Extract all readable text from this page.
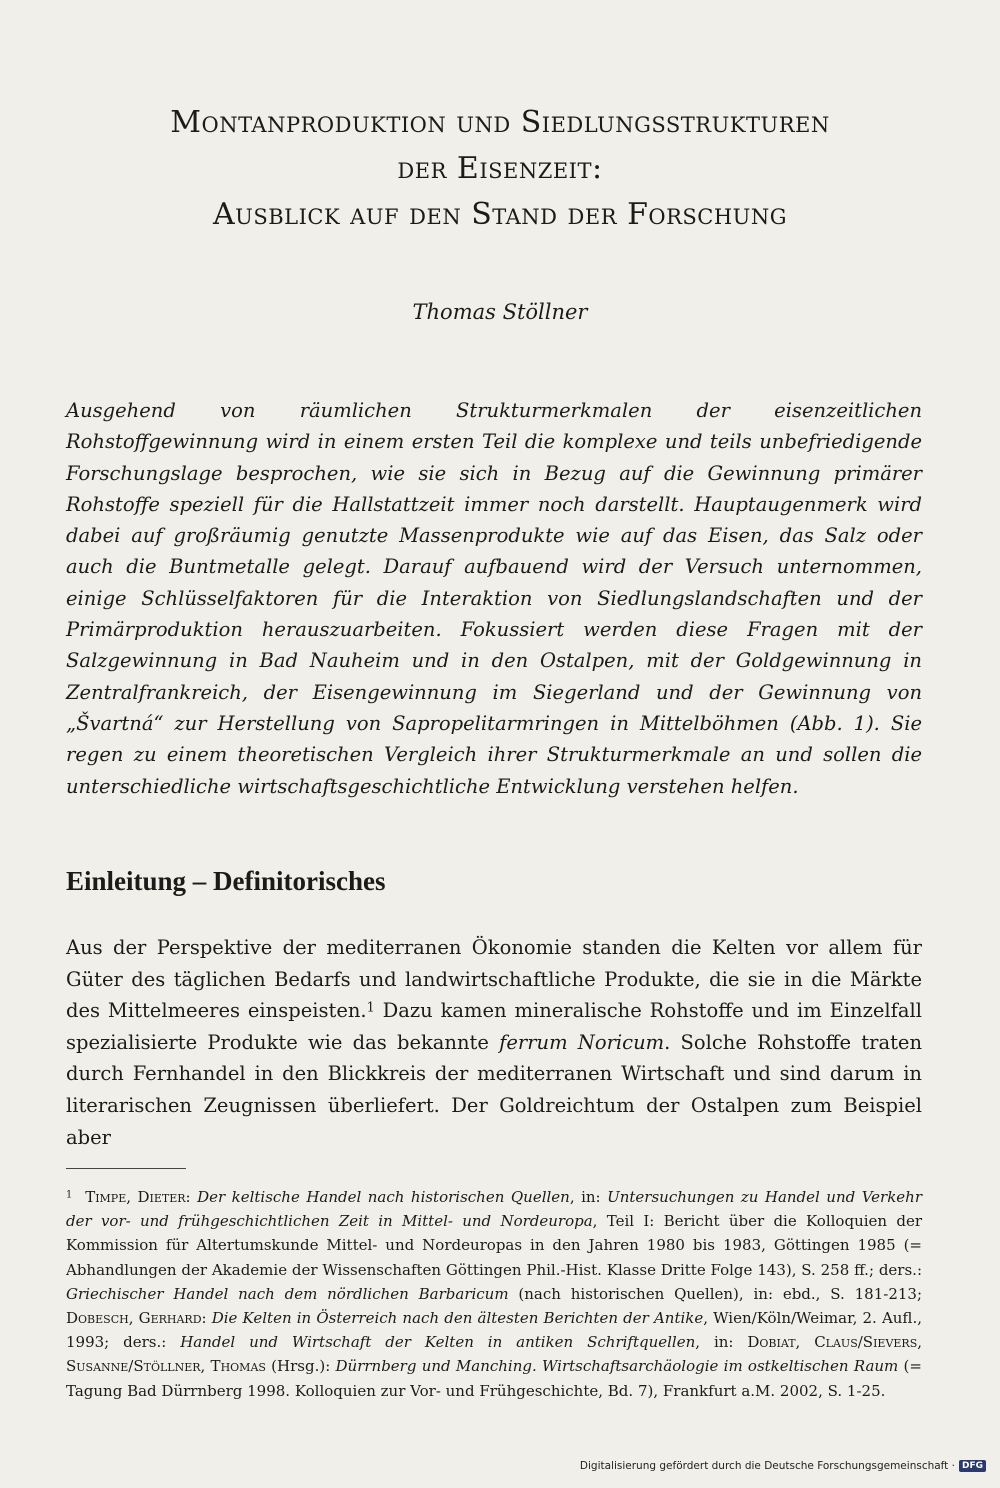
Montanproduktion und Siedlungsstrukturen
der Eisenzeit:
Ausblick auf den Stand der Forschung

Thomas Stöllner

Ausgehend von räumlichen Strukturmerkmalen der eisenzeitlichen Rohstoffgewinnung wird in einem ersten Teil die komplexe und teils unbefriedigende Forschungslage besprochen, wie sie sich in Bezug auf die Gewinnung primärer Rohstoffe speziell für die Hallstattzeit immer noch darstellt. Hauptaugenmerk wird dabei auf großräumig genutzte Massenprodukte wie auf das Eisen, das Salz oder auch die Buntmetalle gelegt. Darauf aufbauend wird der Versuch unternommen, einige Schlüsselfaktoren für die Interaktion von Siedlungslandschaften und der Primärproduktion herauszuarbeiten. Fokussiert werden diese Fragen mit der Salzgewinnung in Bad Nauheim und in den Ostalpen, mit der Goldgewinnung in Zentralfrankreich, der Eisengewinnung im Siegerland und der Gewinnung von „Švartná“ zur Herstellung von Sapropelitarmringen in Mittelböhmen (Abb. 1). Sie regen zu einem theoretischen Vergleich ihrer Strukturmerkmale an und sollen die unterschiedliche wirtschaftsgeschichtliche Entwicklung verstehen helfen.

Einleitung – Definitorisches

Aus der Perspektive der mediterranen Ökonomie standen die Kelten vor allem für Güter des täglichen Bedarfs und landwirtschaftliche Produkte, die sie in die Märkte des Mittelmeeres einspeisten.$^1$ Dazu kamen mineralische Rohstoffe und im Einzelfall spezialisierte Produkte wie das bekannte ferrum Noricum. Solche Rohstoffe traten durch Fernhandel in den Blickkreis der mediterranen Wirtschaft und sind darum in literarischen Zeugnissen überliefert. Der Goldreichtum der Ostalpen zum Beispiel aber

$^1$ Timpe, Dieter: Der keltische Handel nach historischen Quellen, in: Untersuchungen zu Handel und Verkehr der vor- und frühgeschichtlichen Zeit in Mittel- und Nordeuropa, Teil I: Bericht über die Kolloquien der Kommission für Altertumskunde Mittel- und Nordeuropas in den Jahren 1980 bis 1983, Göttingen 1985 (= Abhandlungen der Akademie der Wissenschaften Göttingen Phil.-Hist. Klasse Dritte Folge 143), S. 258 ff.; ders.: Griechischer Handel nach dem nördlichen Barbaricum (nach historischen Quellen), in: ebd., S. 181-213; Dobesch, Gerhard: Die Kelten in Österreich nach den ältesten Berichten der Antike, Wien/Köln/Weimar, 2. Aufl., 1993; ders.: Handel und Wirtschaft der Kelten in antiken Schriftquellen, in: Dobiat, Claus/Sievers, Susanne/Stöllner, Thomas (Hrsg.): Dürrnberg und Manching. Wirtschaftsarchäologie im ostkeltischen Raum (= Tagung Bad Dürrnberg 1998. Kolloquien zur Vor- und Frühgeschichte, Bd. 7), Frankfurt a.M. 2002, S. 1-25.

Digitalisierung gefördert durch die Deutsche Forschungsgemeinschaft · DFG
